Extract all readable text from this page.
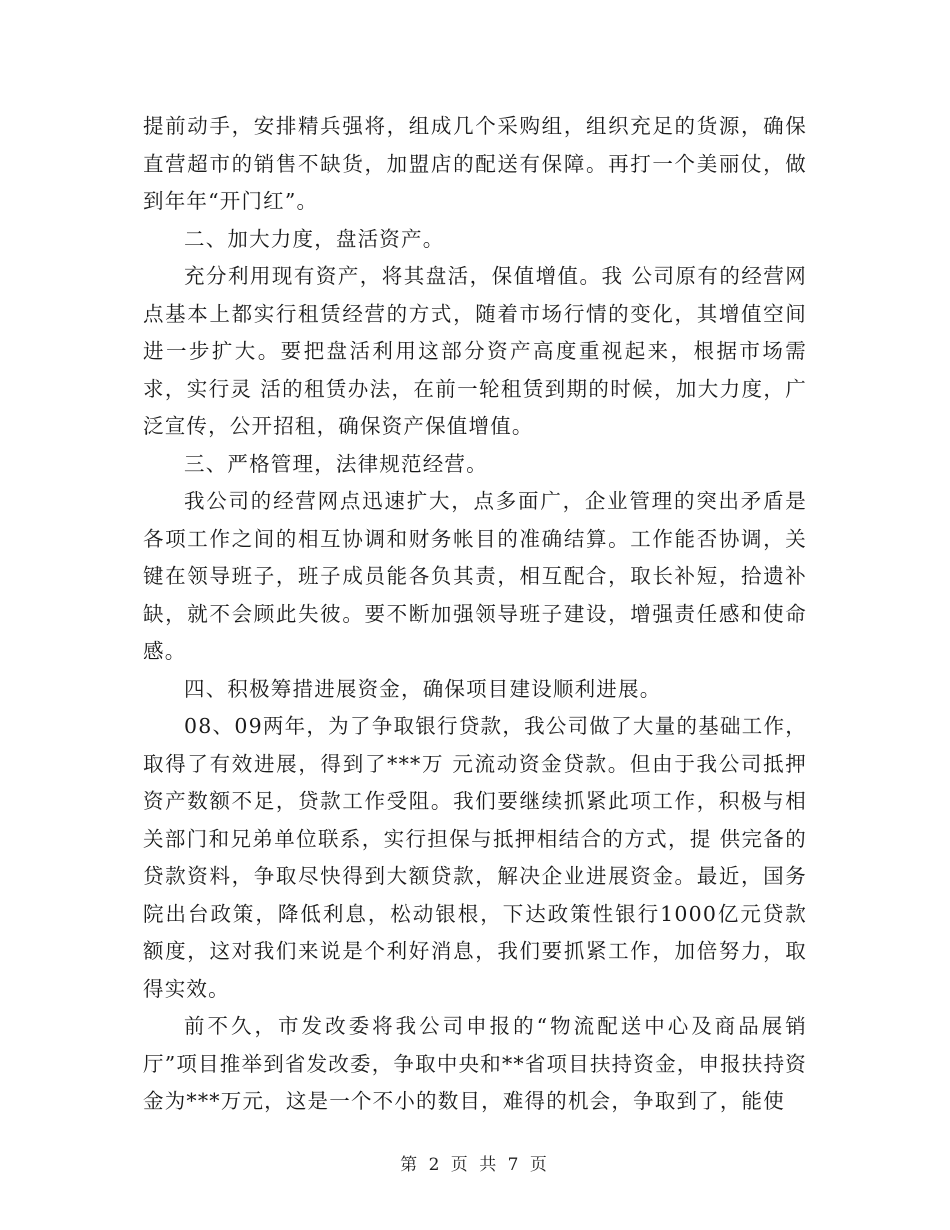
提前动手，安排精兵强将，组成几个采购组，组织充足的货源，确保直营超市的销售不缺货，加盟店的配送有保障。再打一个美丽仗，做到年年“开门红”。

二、加大力度，盘活资产。

充分利用现有资产，将其盘活，保值增值。我 公司原有的经营网点基本上都实行租赁经营的方式，随着市场行情的变化，其增值空间进一步扩大。要把盘活利用这部分资产高度重视起来，根据市场需求，实行灵 活的租赁办法，在前一轮租赁到期的时候，加大力度，广泛宣传，公开招租，确保资产保值增值。

三、严格管理，法律规范经营。

我公司的经营网点迅速扩大，点多面广，企业管理的突出矛盾是各项工作之间的相互协调和财务帐目的准确结算。工作能否协调，关键在领导班子，班子成员能各负其责，相互配合，取长补短，拾遗补缺，就不会顾此失彼。要不断加强领导班子建设，增强责任感和使命感。

四、积极筹措进展资金，确保项目建设顺利进展。

08、09两年，为了争取银行贷款，我公司做了大量的基础工作，取得了有效进展，得到了***万 元流动资金贷款。但由于我公司抵押资产数额不足，贷款工作受阻。我们要继续抓紧此项工作，积极与相关部门和兄弟单位联系，实行担保与抵押相结合的方式，提 供完备的贷款资料，争取尽快得到大额贷款，解决企业进展资金。最近，国务院出台政策，降低利息，松动银根，下达政策性银行1000亿元贷款额度，这对我们来说是个利好消息，我们要抓紧工作，加倍努力，取得实效。

前不久，市发改委将我公司申报的“物流配送中心及商品展销厅”项目推举到省发改委，争取中央和**省项目扶持资金，申报扶持资金为***万元，这是一个不小的数目，难得的机会，争取到了，能使

第 2 页 共 7 页
